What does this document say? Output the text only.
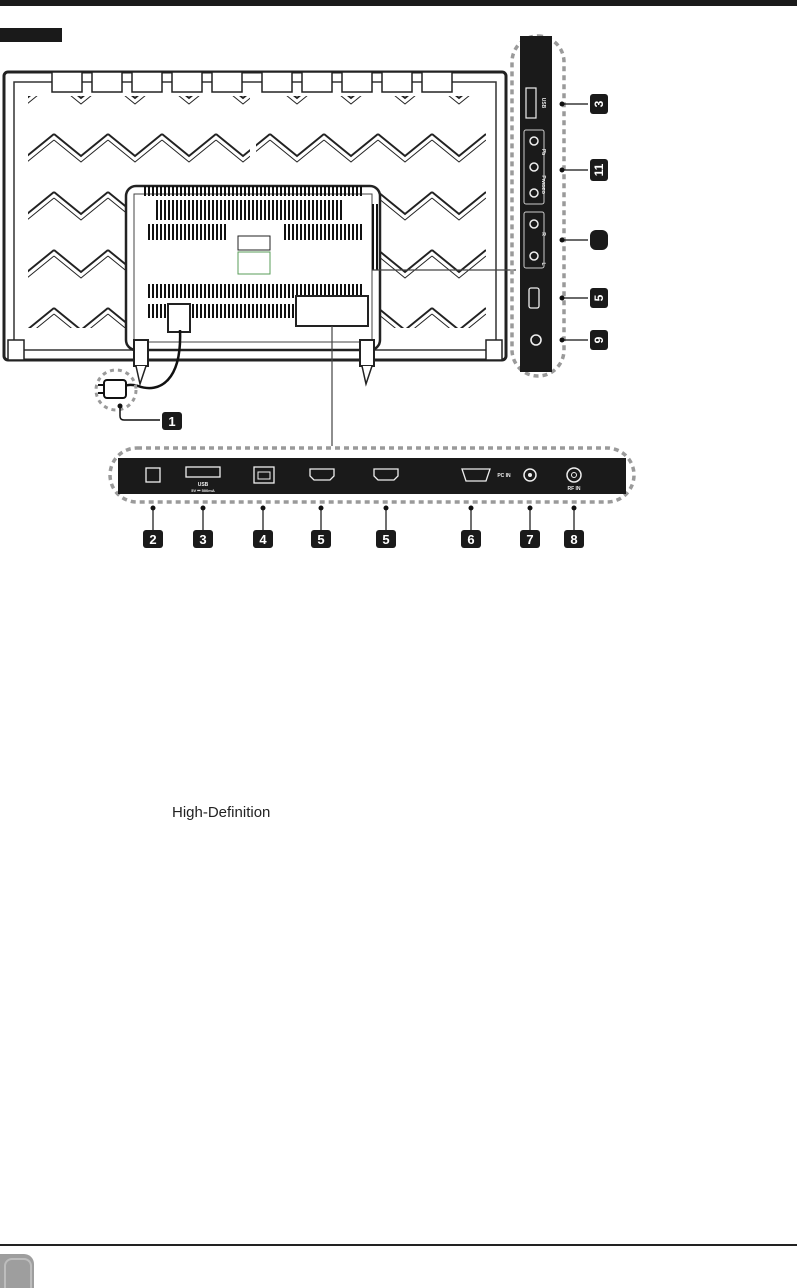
1
USB
Pb
Pr
VIDEO
R
L
3
11
5
9
USB
5V ⎓ 500mA
PC IN
RF IN
2	3	4	5	5	6	7	8
High-Definition
